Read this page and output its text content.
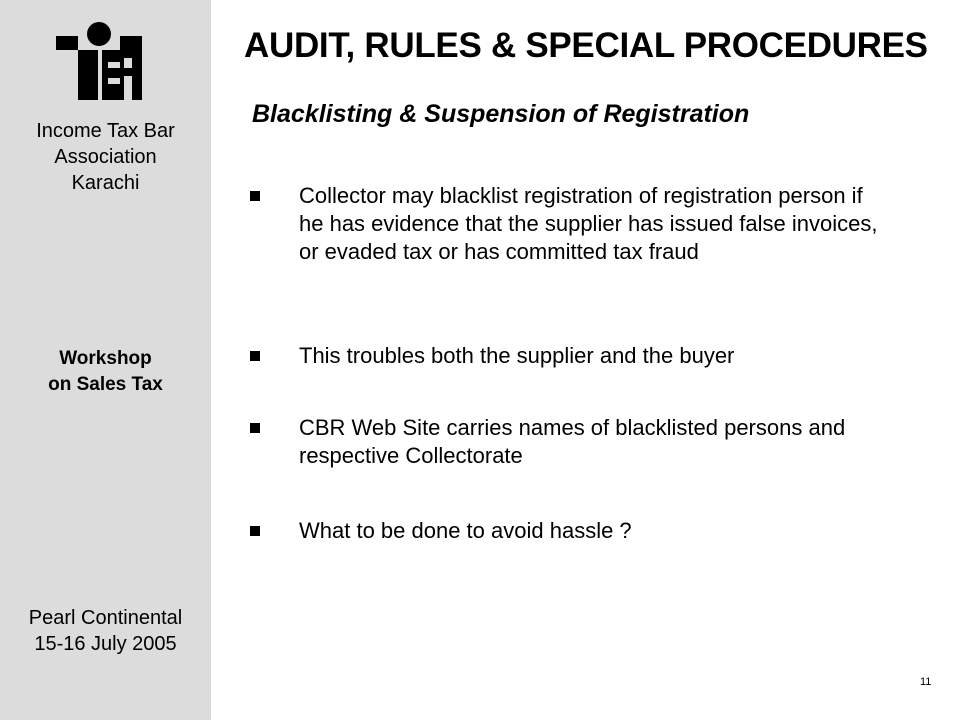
Income Tax Bar
Association
Karachi
Workshop
on Sales Tax
Pearl Continental
15-16 July 2005
AUDIT, RULES & SPECIAL PROCEDURES
Blacklisting & Suspension of Registration
Collector may blacklist registration of registration person if he has evidence that the supplier has issued false invoices, or evaded tax or has committed tax fraud
This troubles both the supplier and the buyer
CBR Web Site carries names of blacklisted persons and respective Collectorate
What to be done to avoid hassle ?
11
